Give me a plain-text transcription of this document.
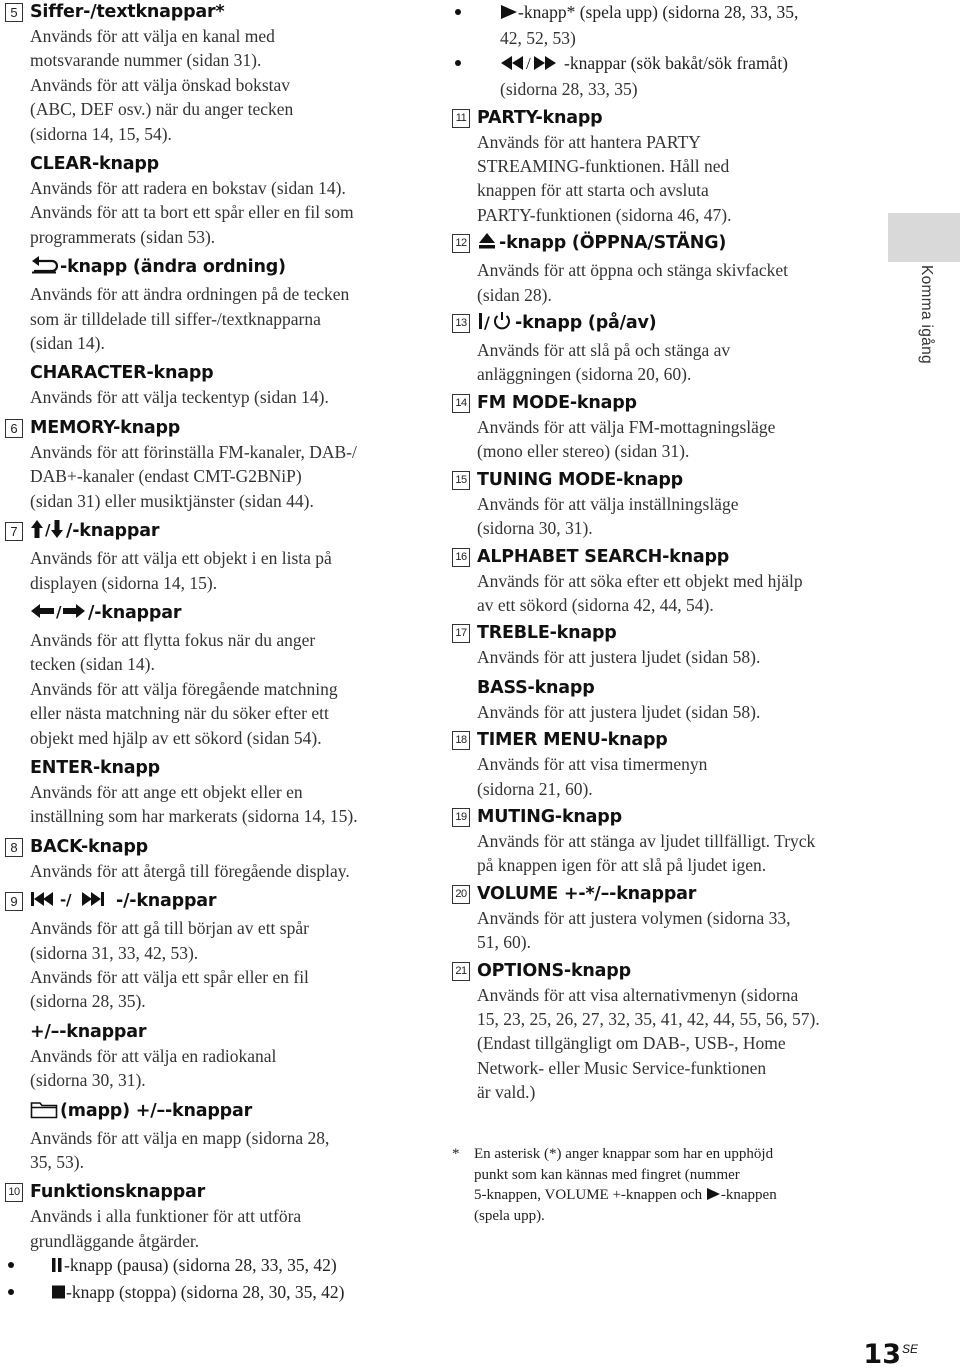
5 Siffer-/textknappar*
Används för att välja en kanal med
motsvarande nummer (sidan 31).
Används för att välja önskad bokstav
(ABC, DEF osv.) när du anger tecken
(sidorna 14, 15, 54).
CLEAR-knapp
Används för att radera en bokstav (sidan 14).
Används för att ta bort ett spår eller en fil som
programmerats (sidan 53).
-knapp (ändra ordning)
Används för att ändra ordningen på de tecken
som är tilldelade till siffer-/textknapparna
(sidan 14).
CHARACTER-knapp
Används för att välja teckentyp (sidan 14).
6 MEMORY-knapp
Används för att förinställa FM-kanaler, DAB-/
DAB+-kanaler (endast CMT-G2BNiP)
(sidan 31) eller musiktjänster (sidan 44).
7	/ /-knappar
Används för att välja ett objekt i en lista på
displayen (sidorna 14, 15).
/ /-knappar
Används för att flytta fokus när du anger
tecken (sidan 14).
Används för att välja föregående matchning
eller nästa matchning när du söker efter ett
objekt med hjälp av ett sökord (sidan 54).
ENTER-knapp
Används för att ange ett objekt eller en
inställning som har markerats (sidorna 14, 15).
8 BACK-knapp
Används för att återgå till föregående display.
9	-/	-/-knappar
Används för att gå till början av ett spår
(sidorna 31, 33, 42, 53).
Används för att välja ett spår eller en fil
(sidorna 28, 35).
+/–-knappar
Används för att välja en radiokanal
(sidorna 30, 31).
(mapp) +/–-knappar
Används för att välja en mapp (sidorna 28,
35, 53).
10 Funktionsknappar
Används i alla funktioner för att utföra
grundläggande åtgärder.
-knapp (pausa) (sidorna 28, 33, 35, 42)
-knapp (stoppa) (sidorna 28, 30, 35, 42)
-knapp* (spela upp) (sidorna 28, 33, 35,
42, 52, 53)
/ -knappar (sök bakåt/sök framåt)
(sidorna 28, 33, 35)
11 PARTY-knapp
Används för att hantera PARTY
STREAMING-funktionen. Håll ned
knappen för att starta och avsluta
PARTY-funktionen (sidorna 46, 47).
12	-knapp (ÖPPNA/STÄNG)
Används för att öppna och stänga skivfacket
(sidan 28).
13 / -knapp (på/av)
Används för att slå på och stänga av
anläggningen (sidorna 20, 60).
14 FM MODE-knapp
Används för att välja FM-mottagningsläge
(mono eller stereo) (sidan 31).
15 TUNING MODE-knapp
Används för att välja inställningsläge
(sidorna 30, 31).
16 ALPHABET SEARCH-knapp
Används för att söka efter ett objekt med hjälp
av ett sökord (sidorna 42, 44, 54).
17 TREBLE-knapp
Används för att justera ljudet (sidan 58).
BASS-knapp
Används för att justera ljudet (sidan 58).
18 TIMER MENU-knapp
Används för att visa timermenyn
(sidorna 21, 60).
19 MUTING-knapp
Används för att stänga av ljudet tillfälligt. Tryck
på knappen igen för att slå på ljudet igen.
20 VOLUME +-*/–-knappar
Används för att justera volymen (sidorna 33,
51, 60).
21 OPTIONS-knapp
Används för att visa alternativmenyn (sidorna
15, 23, 25, 26, 27, 32, 35, 41, 42, 44, 55, 56, 57).
(Endast tillgängligt om DAB-, USB-, Home
Network- eller Music Service-funktionen
är vald.)
* En asterisk (*) anger knappar som har en upphöjd
punkt som kan kännas med fingret (nummer
5-knappen, VOLUME +-knappen och -knappen
(spela upp).
Komma igång
$13^{SE}$
